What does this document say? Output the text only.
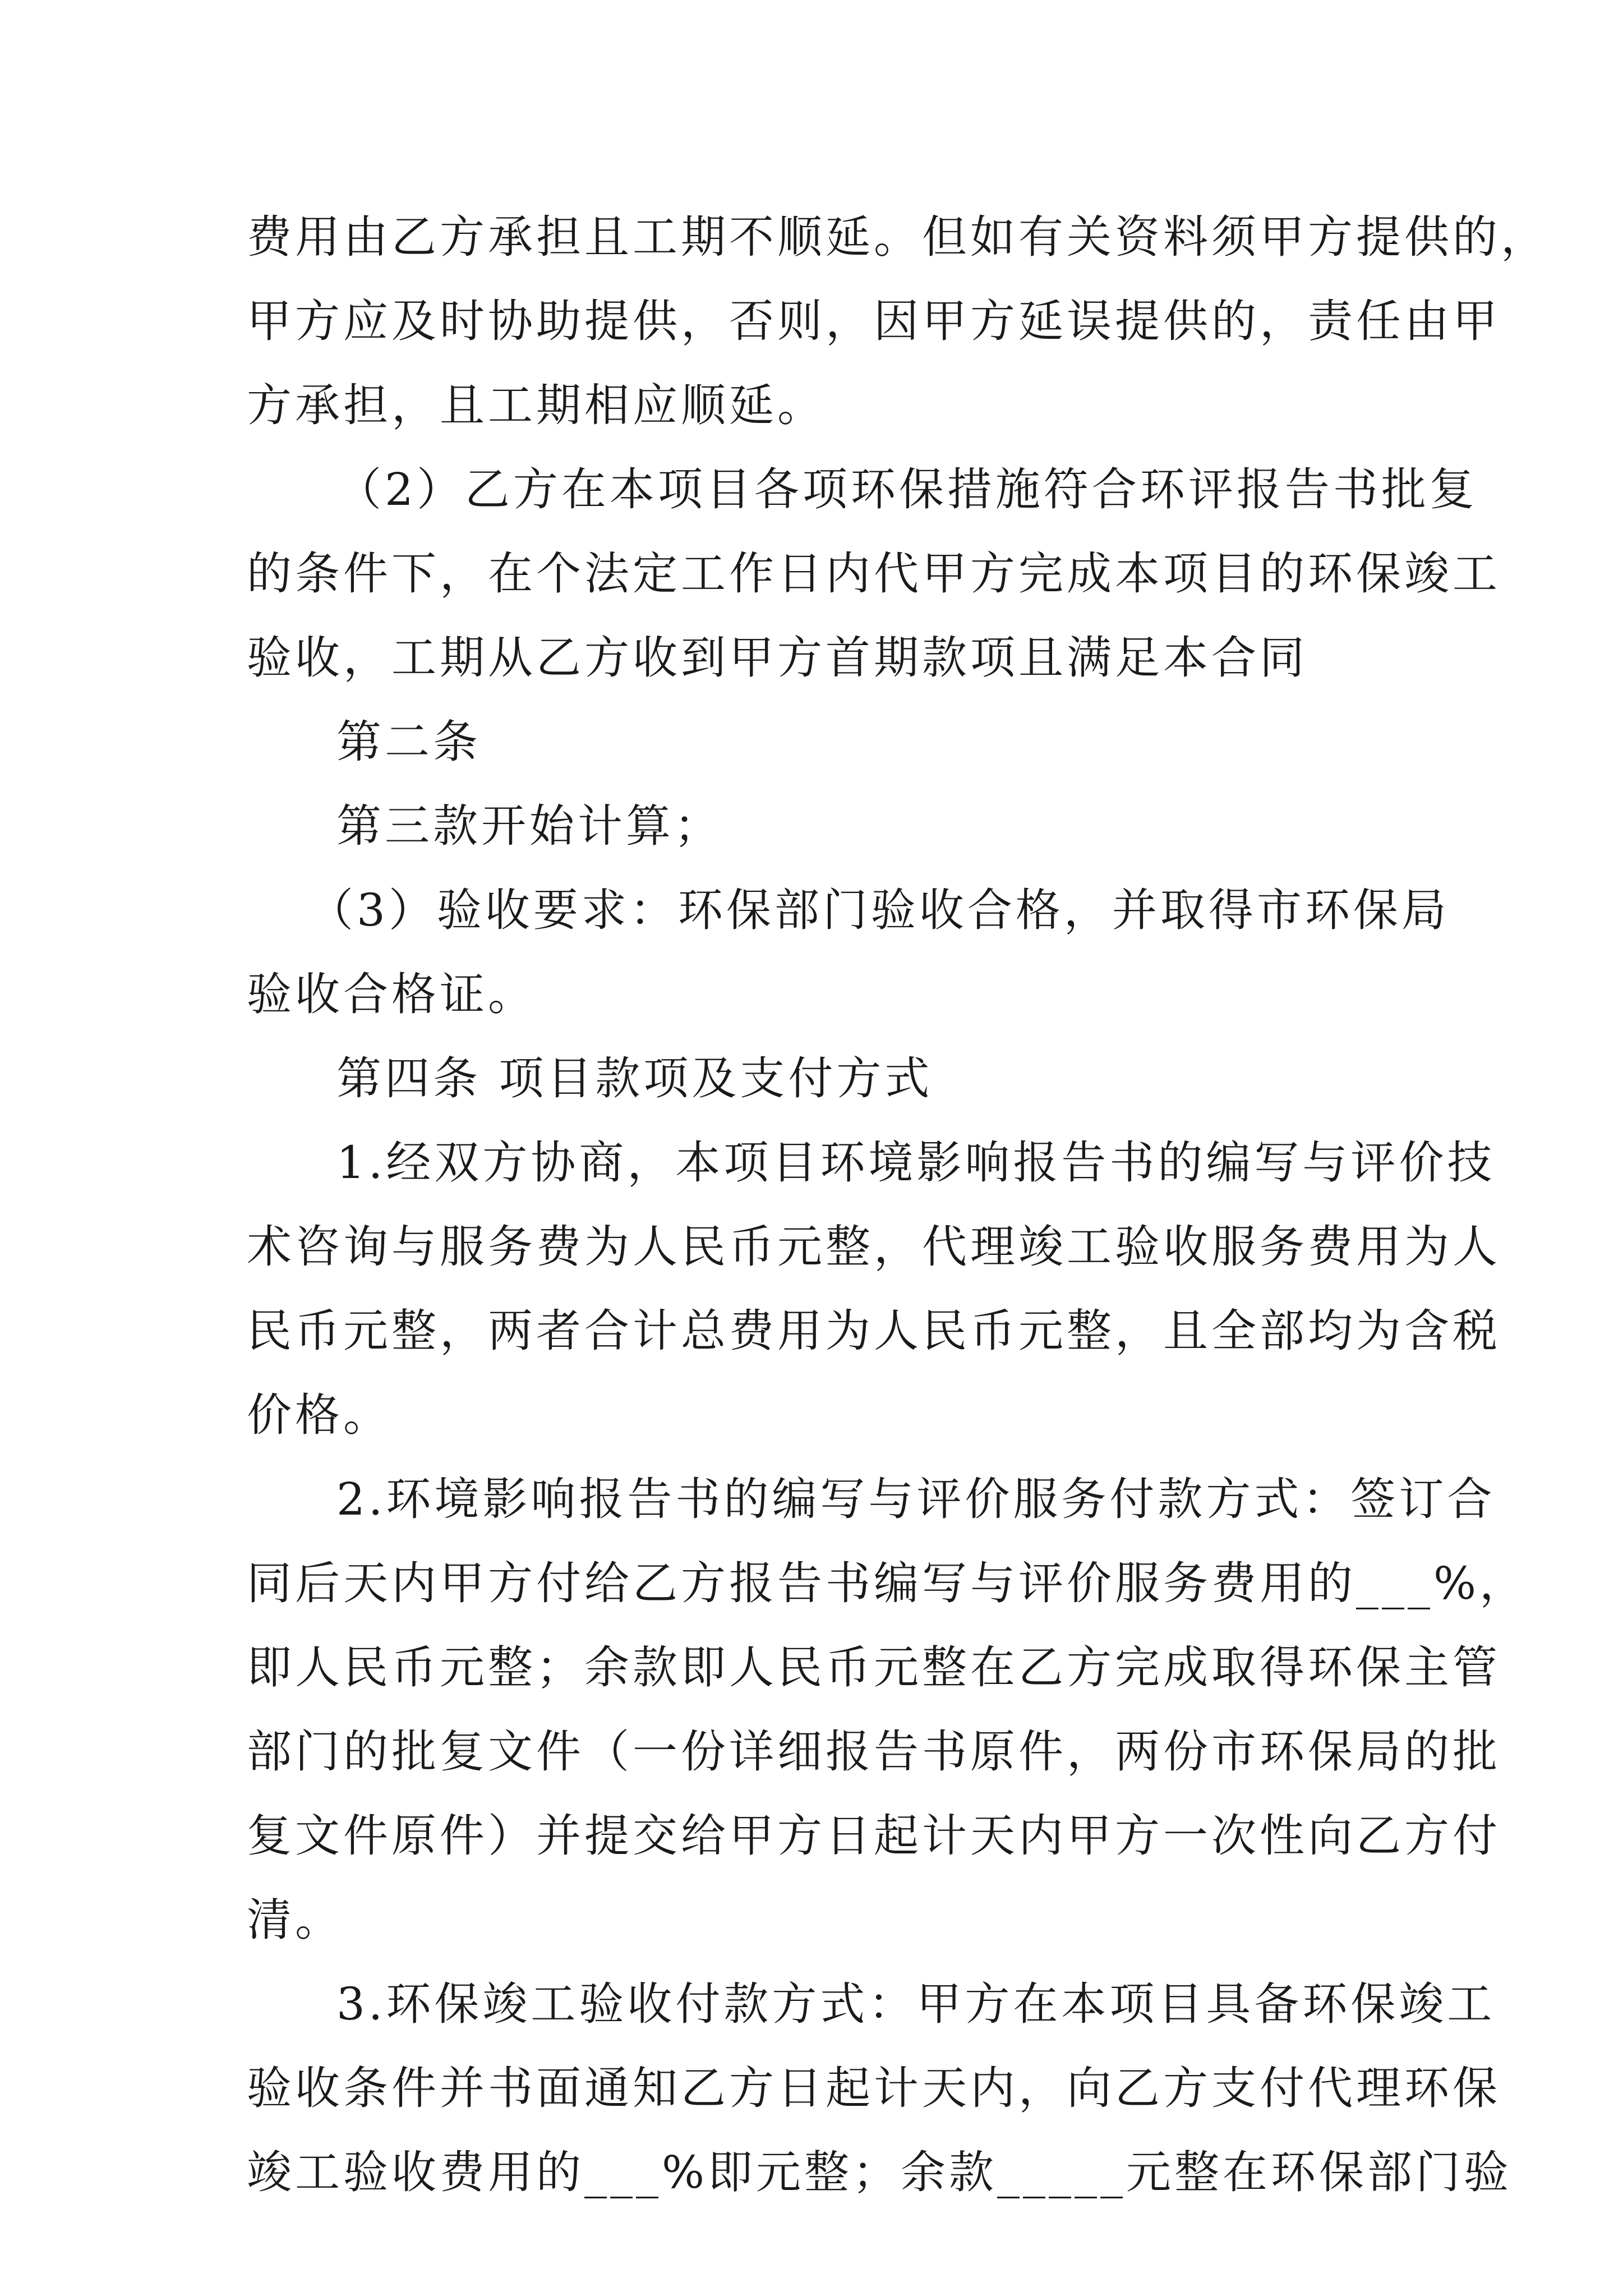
费用由乙方承担且工期不顺延。但如有关资料须甲方提供的，
甲方应及时协助提供，否则，因甲方延误提供的，责任由甲
方承担，且工期相应顺延。
（2）乙方在本项目各项环保措施符合环评报告书批复
的条件下，在个法定工作日内代甲方完成本项目的环保竣工
验收，工期从乙方收到甲方首期款项且满足本合同
第二条
第三款开始计算；
（3）验收要求：环保部门验收合格，并取得市环保局
验收合格证。
第四条 项目款项及支付方式
1.经双方协商，本项目环境影响报告书的编写与评价技
术咨询与服务费为人民币元整，代理竣工验收服务费用为人
民币元整，两者合计总费用为人民币元整，且全部均为含税
价格。
2.环境影响报告书的编写与评价服务付款方式：签订合
同后天内甲方付给乙方报告书编写与评价服务费用的___%，
即人民币元整；余款即人民币元整在乙方完成取得环保主管
部门的批复文件（一份详细报告书原件，两份市环保局的批
复文件原件）并提交给甲方日起计天内甲方一次性向乙方付
清。
3.环保竣工验收付款方式：甲方在本项目具备环保竣工
验收条件并书面通知乙方日起计天内，向乙方支付代理环保
竣工验收费用的___%即元整；余款_____元整在环保部门验
